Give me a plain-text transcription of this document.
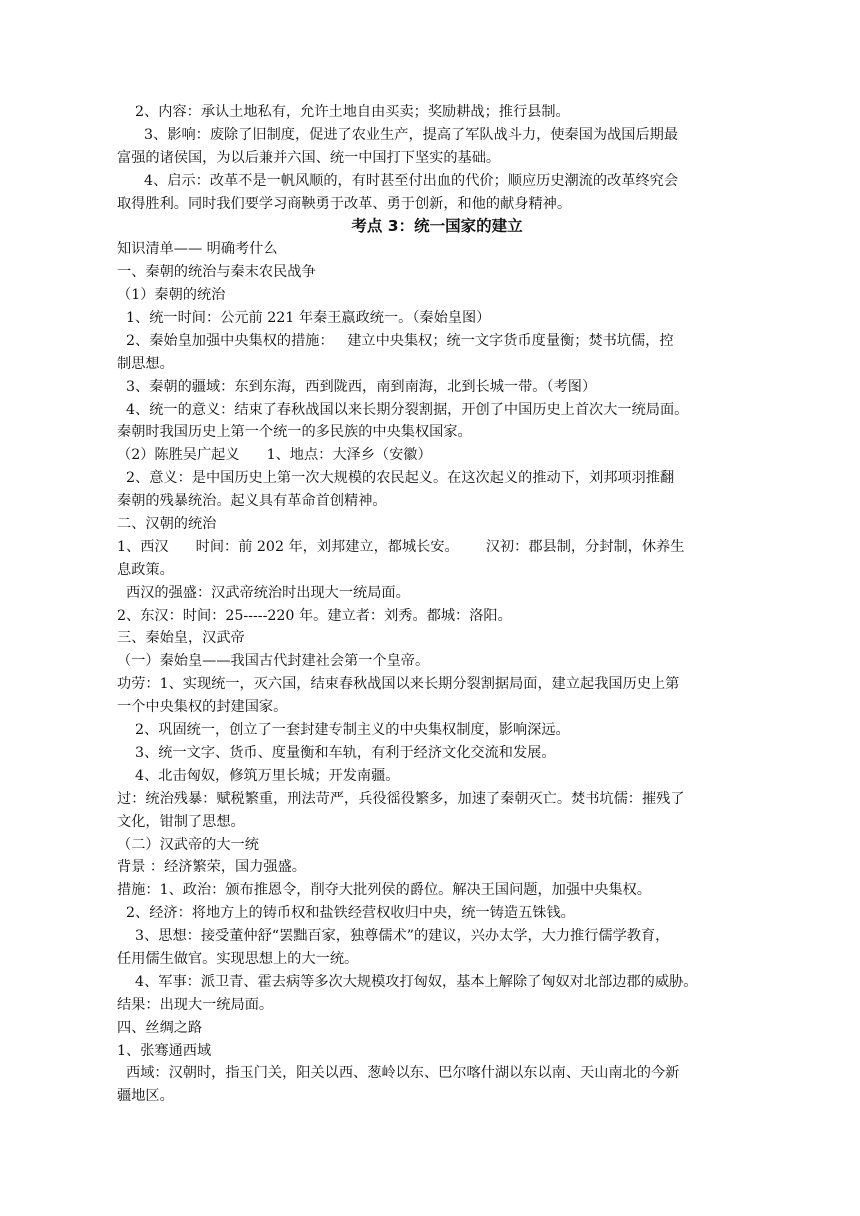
2、内容：承认土地私有，允许土地自由买卖；奖励耕战；推行县制。
3、影响：废除了旧制度，促进了农业生产，提高了军队战斗力，使秦国为战国后期最
富强的诸侯国，为以后兼并六国、统一中国打下坚实的基础。
4、启示：改革不是一帆风顺的，有时甚至付出血的代价；顺应历史潮流的改革终究会
取得胜利。同时我们要学习商鞅勇于改革、勇于创新，和他的献身精神。
考点 3：统一国家的建立
知识清单—— 明确考什么
一、秦朝的统治与秦末农民战争
（1）秦朝的统治
1、统一时间：公元前 221 年秦王嬴政统一。（秦始皇图）
2、秦始皇加强中央集权的措施：   建立中央集权；统一文字货币度量衡；焚书坑儒，控
制思想。
3、秦朝的疆域：东到东海，西到陇西，南到南海，北到长城一带。（考图）
4、统一的意义：结束了春秋战国以来长期分裂割据，开创了中国历史上首次大一统局面。
秦朝时我国历史上第一个统一的多民族的中央集权国家。
（2）陈胜吴广起义      1、地点：大泽乡（安徽）
2、意义：是中国历史上第一次大规模的农民起义。在这次起义的推动下，刘邦项羽推翻
秦朝的残暴统治。起义具有革命首创精神。
二、汉朝的统治
1、西汉      时间：前 202 年，刘邦建立，都城长安。      汉初：郡县制，分封制，休养生
息政策。
西汉的强盛：汉武帝统治时出现大一统局面。
2、东汉：时间：25-----220 年。建立者：刘秀。都城：洛阳。
三、秦始皇，汉武帝
（一）秦始皇——我国古代封建社会第一个皇帝。
功劳：1、实现统一，灭六国，结束春秋战国以来长期分裂割据局面，建立起我国历史上第
一个中央集权的封建国家。
2、巩固统一，创立了一套封建专制主义的中央集权制度，影响深远。
3、统一文字、货币、度量衡和车轨，有利于经济文化交流和发展。
4、北击匈奴，修筑万里长城；开发南疆。
过：统治残暴：赋税繁重，刑法苛严，兵役徭役繁多，加速了秦朝灭亡。焚书坑儒：摧残了
文化，钳制了思想。
（二）汉武帝的大一统
背景 ：经济繁荣，国力强盛。
措施：1、政治：颁布推恩令，削夺大批列侯的爵位。解决王国问题，加强中央集权。
2、经济：将地方上的铸币权和盐铁经营权收归中央，统一铸造五铢钱。
3、思想：接受董仲舒“罢黜百家，独尊儒术”的建议，兴办太学，大力推行儒学教育，
任用儒生做官。实现思想上的大一统。
4、军事：派卫青、霍去病等多次大规模攻打匈奴，基本上解除了匈奴对北部边郡的威胁。
结果：出现大一统局面。
四、丝绸之路
1、张骞通西域
西域：汉朝时，指玉门关，阳关以西、葱岭以东、巴尔喀什湖以东以南、天山南北的今新
疆地区。
